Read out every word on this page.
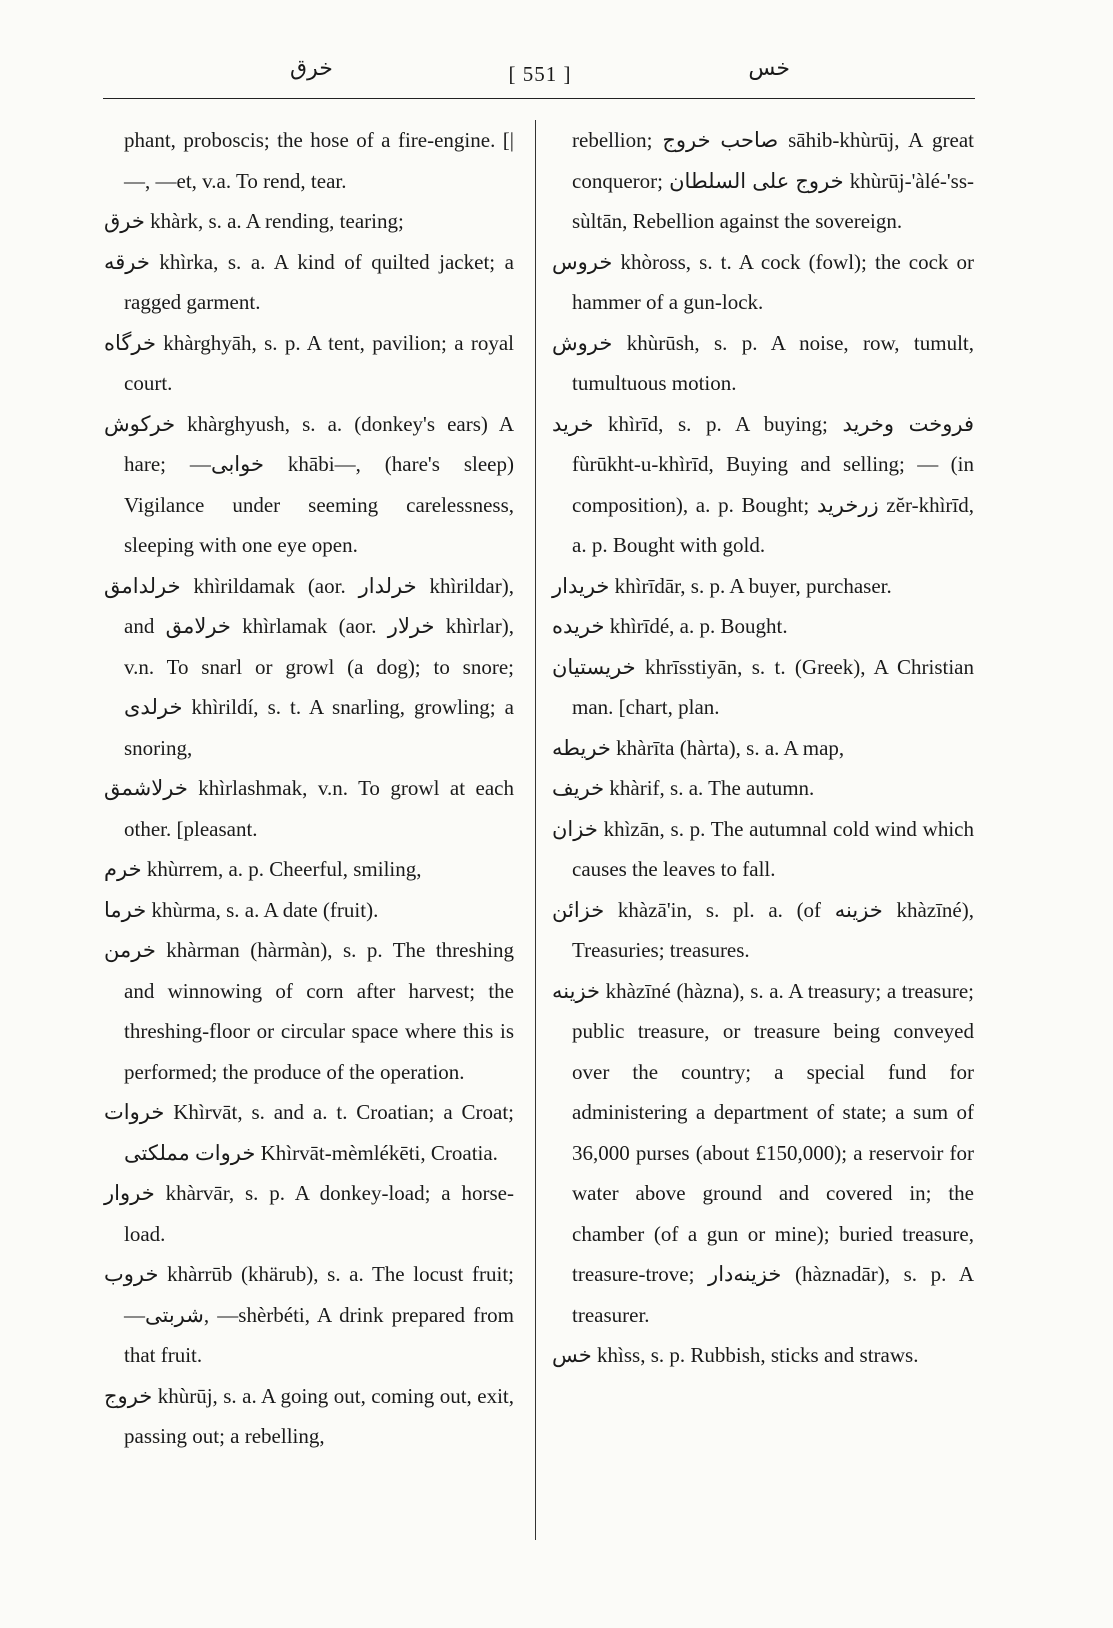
خرق	[ 551 ]	خس

phant, proboscis; the hose of a fire-engine. [|—, —et, v.a. To rend, tear.

خرق khàrk, s. a. A rending, tearing;

خرقه khìrka, s. a. A kind of quilted jacket; a ragged garment.

خرگاه khàrghyāh, s. p. A tent, pavilion; a royal court.

خرکوش khàrghyush, s. a. (donkey's ears) A hare; —خوابی khābi—, (hare's sleep) Vigilance under seeming carelessness, sleeping with one eye open.

خرلدامق khìrildamak (aor. خرلدار khìrildar), and خرلامق khìrlamak (aor. خرلار khìrlar), v.n. To snarl or growl (a dog); to snore; خرلدی khìrildí, s. t. A snarling, growling; a snoring,

خرلاشمق khìrlashmak, v.n. To growl at each other. [pleasant.

خرم khùrrem, a. p. Cheerful, smiling,

خرما khùrma, s. a. A date (fruit).

خرمن khàrman (hàrmàn), s. p. The threshing and winnowing of corn after harvest; the threshing-floor or circular space where this is performed; the produce of the operation.

خروات Khìrvāt, s. and a. t. Croatian; a Croat; خروات مملكتی Khìrvāt-mèmlékēti, Croatia.

خروار khàrvār, s. p. A donkey-load; a horse-load.

خروب khàrrūb (khärub), s. a. The locust fruit; —شربتی, —shèrbéti, A drink prepared from that fruit.

خروج khùrūj, s. a. A going out, coming out, exit, passing out; a rebelling,

rebellion; صاحب خروج sāhib-khùrūj, A great conqueror; خروج على السلطان khùrūj-'àlé-'ss-sùltān, Rebellion against the sovereign.

خروس khòross, s. t. A cock (fowl); the cock or hammer of a gun-lock.

خروش khùrūsh, s. p. A noise, row, tumult, tumultuous motion.

خريد khìrīd, s. p. A buying; فروخت وخريد fùrūkht-u-khìrīd, Buying and selling; — (in composition), a. p. Bought; زرخريد zĕr-khìrīd, a. p. Bought with gold.

خريدار khìrīdār, s. p. A buyer, purchaser.

خريده khìrīdé, a. p. Bought.

خريستيان khrīsstiyān, s. t. (Greek), A Christian man. [chart, plan.

خريطه khàrīta (hàrta), s. a. A map,

خريف khàrif, s. a. The autumn.

خزان khìzān, s. p. The autumnal cold wind which causes the leaves to fall.

خزائن khàzā'in, s. pl. a. (of خزينه khàzīné), Treasuries; treasures.

خزينه khàzīné (hàzna), s. a. A treasury; a treasure; public treasure, or treasure being conveyed over the country; a special fund for administering a department of state; a sum of 36,000 purses (about £150,000); a reservoir for water above ground and covered in; the chamber (of a gun or mine); buried treasure, treasure-trove; خزينه‌دار (hàznadār), s. p. A treasurer.

خس khìss, s. p. Rubbish, sticks and straws.
